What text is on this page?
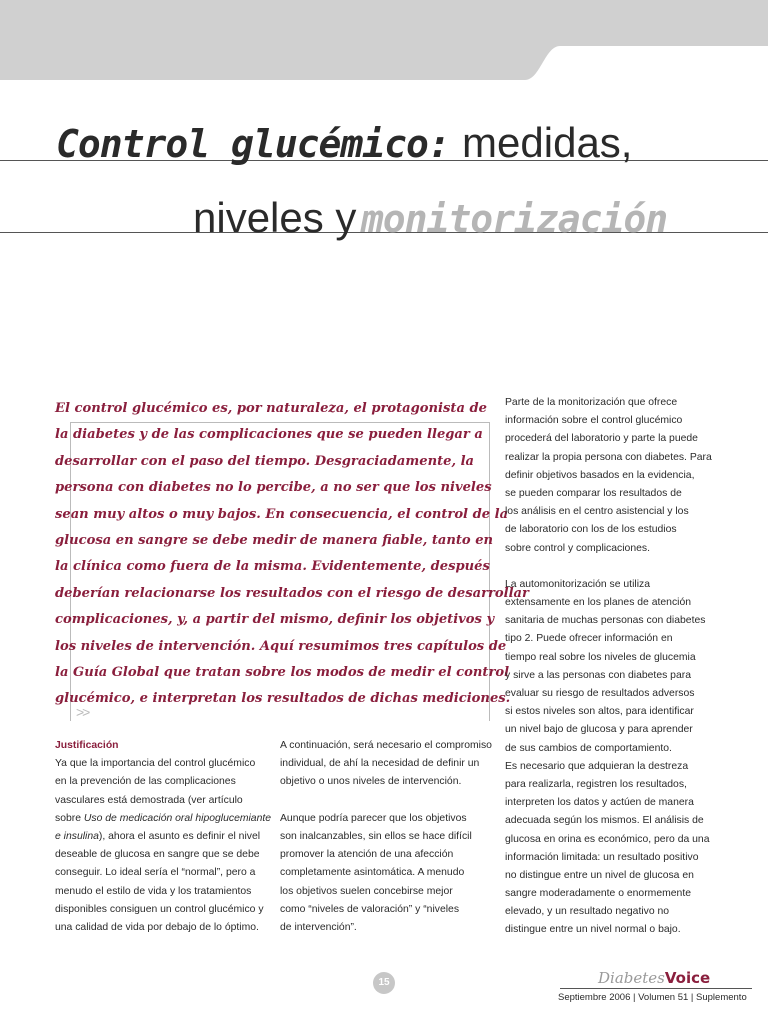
Control glucémico: medidas,
niveles y monitorización
El control glucémico es, por naturaleza, el protagonista de
la diabetes y de las complicaciones que se pueden llegar a
desarrollar con el paso del tiempo. Desgraciadamente, la
persona con diabetes no lo percibe, a no ser que los niveles
sean muy altos o muy bajos. En consecuencia, el control de la
glucosa en sangre se debe medir de manera fiable, tanto en
la clínica como fuera de la misma. Evidentemente, después
deberían relacionarse los resultados con el riesgo de desarrollar
complicaciones, y, a partir del mismo, definir los objetivos y
los niveles de intervención. Aquí resumimos tres capítulos de
la Guía Global que tratan sobre los modos de medir el control
glucémico, e interpretan los resultados de dichas mediciones.
>>
Justificación
Ya que la importancia del control glucémico
en la prevención de las complicaciones
vasculares está demostrada (ver artículo
sobre Uso de medicación oral hipoglucemiante
e insulina), ahora el asunto es definir el nivel
deseable de glucosa en sangre que se debe
conseguir. Lo ideal sería el “normal”, pero a
menudo el estilo de vida y los tratamientos
disponibles consiguen un control glucémico y
una calidad de vida por debajo de lo óptimo.
A continuación, será necesario el compromiso
individual, de ahí la necesidad de definir un
objetivo o unos niveles de intervención.
Aunque podría parecer que los objetivos
son inalcanzables, sin ellos se hace difícil
promover la atención de una afección
completamente asintomática. A menudo
los objetivos suelen concebirse mejor
como “niveles de valoración” y “niveles
de intervención”.
Parte de la monitorización que ofrece
información sobre el control glucémico
procederá del laboratorio y parte la puede
realizar la propia persona con diabetes. Para
definir objetivos basados en la evidencia,
se pueden comparar los resultados de
los análisis en el centro asistencial y los
de laboratorio con los de los estudios
sobre control y complicaciones.
La automonitorización se utiliza
extensamente en los planes de atención
sanitaria de muchas personas con diabetes
tipo 2. Puede ofrecer información en
tiempo real sobre los niveles de glucemia
y sirve a las personas con diabetes para
evaluar su riesgo de resultados adversos
si estos niveles son altos, para identificar
un nivel bajo de glucosa y para aprender
de sus cambios de comportamiento.
Es necesario que adquieran la destreza
para realizarla, registren los resultados,
interpreten los datos y actúen de manera
adecuada según los mismos. El análisis de
glucosa en orina es económico, pero da una
información limitada: un resultado positivo
no distingue entre un nivel de glucosa en
sangre moderadamente o enormemente
elevado, y un resultado negativo no
distingue entre un nivel normal o bajo.
15	DiabetesVoice
Septiembre 2006 | Volumen 51 | Suplemento
